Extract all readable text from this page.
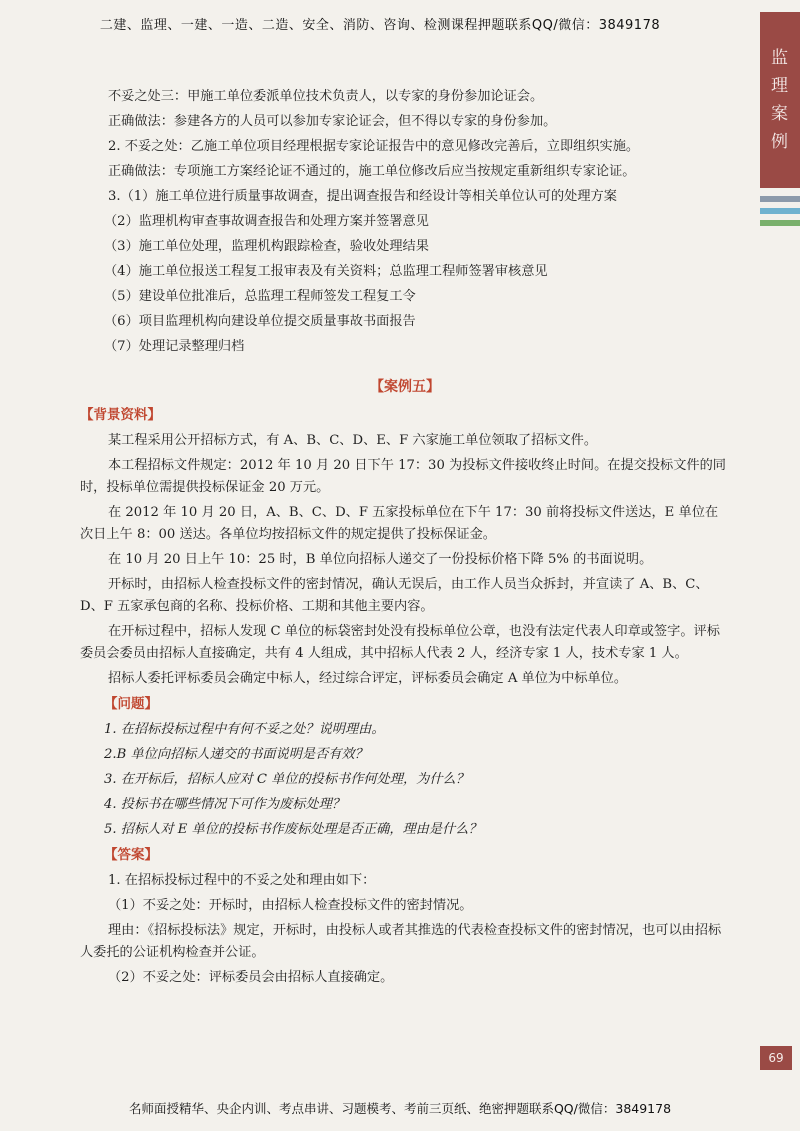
二建、监理、一建、一造、二造、安全、消防、咨询、检测课程押题联系QQ/微信：3849178
监
理
案
例

不妥之处三：甲施工单位委派单位技术负责人，以专家的身份参加论证会。

正确做法：参建各方的人员可以参加专家论证会，但不得以专家的身份参加。

2. 不妥之处：乙施工单位项目经理根据专家论证报告中的意见修改完善后，立即组织实施。

正确做法：专项施工方案经论证不通过的，施工单位修改后应当按规定重新组织专家论证。

3.（1）施工单位进行质量事故调查，提出调查报告和经设计等相关单位认可的处理方案

（2）监理机构审查事故调查报告和处理方案并签署意见

（3）施工单位处理，监理机构跟踪检查，验收处理结果

（4）施工单位报送工程复工报审表及有关资料；总监理工程师签署审核意见

（5）建设单位批准后，总监理工程师签发工程复工令

（6）项目监理机构向建设单位提交质量事故书面报告

（7）处理记录整理归档

【案例五】
【背景资料】

某工程采用公开招标方式，有 A、B、C、D、E、F 六家施工单位领取了招标文件。

本工程招标文件规定：2012 年 10 月 20 日下午 17：30 为投标文件接收终止时间。在提交投标文件的同时，投标单位需提供投标保证金 20 万元。

在 2012 年 10 月 20 日，A、B、C、D、F 五家投标单位在下午 17：30 前将投标文件送达，E 单位在次日上午 8：00 送达。各单位均按招标文件的规定提供了投标保证金。

在 10 月 20 日上午 10：25 时，B 单位向招标人递交了一份投标价格下降 5% 的书面说明。

开标时，由招标人检查投标文件的密封情况，确认无误后，由工作人员当众拆封，并宣读了 A、B、C、D、F 五家承包商的名称、投标价格、工期和其他主要内容。

在开标过程中，招标人发现 C 单位的标袋密封处没有投标单位公章，也没有法定代表人印章或签字。评标委员会委员由招标人直接确定，共有 4 人组成，其中招标人代表 2 人，经济专家 1 人，技术专家 1 人。

招标人委托评标委员会确定中标人，经过综合评定，评标委员会确定 A 单位为中标单位。

【问题】

1. 在招标投标过程中有何不妥之处？说明理由。

2.B 单位向招标人递交的书面说明是否有效？

3. 在开标后，招标人应对 C 单位的投标书作何处理，为什么？

4. 投标书在哪些情况下可作为废标处理？

5. 招标人对 E 单位的投标书作废标处理是否正确，理由是什么？

【答案】

1. 在招标投标过程中的不妥之处和理由如下：

（1）不妥之处：开标时，由招标人检查投标文件的密封情况。

理由：《招标投标法》规定，开标时，由投标人或者其推选的代表检查投标文件的密封情况，也可以由招标人委托的公证机构检查并公证。

（2）不妥之处：评标委员会由招标人直接确定。

69
名师面授精华、央企内训、考点串讲、习题模考、考前三页纸、绝密押题联系QQ/微信：3849178
